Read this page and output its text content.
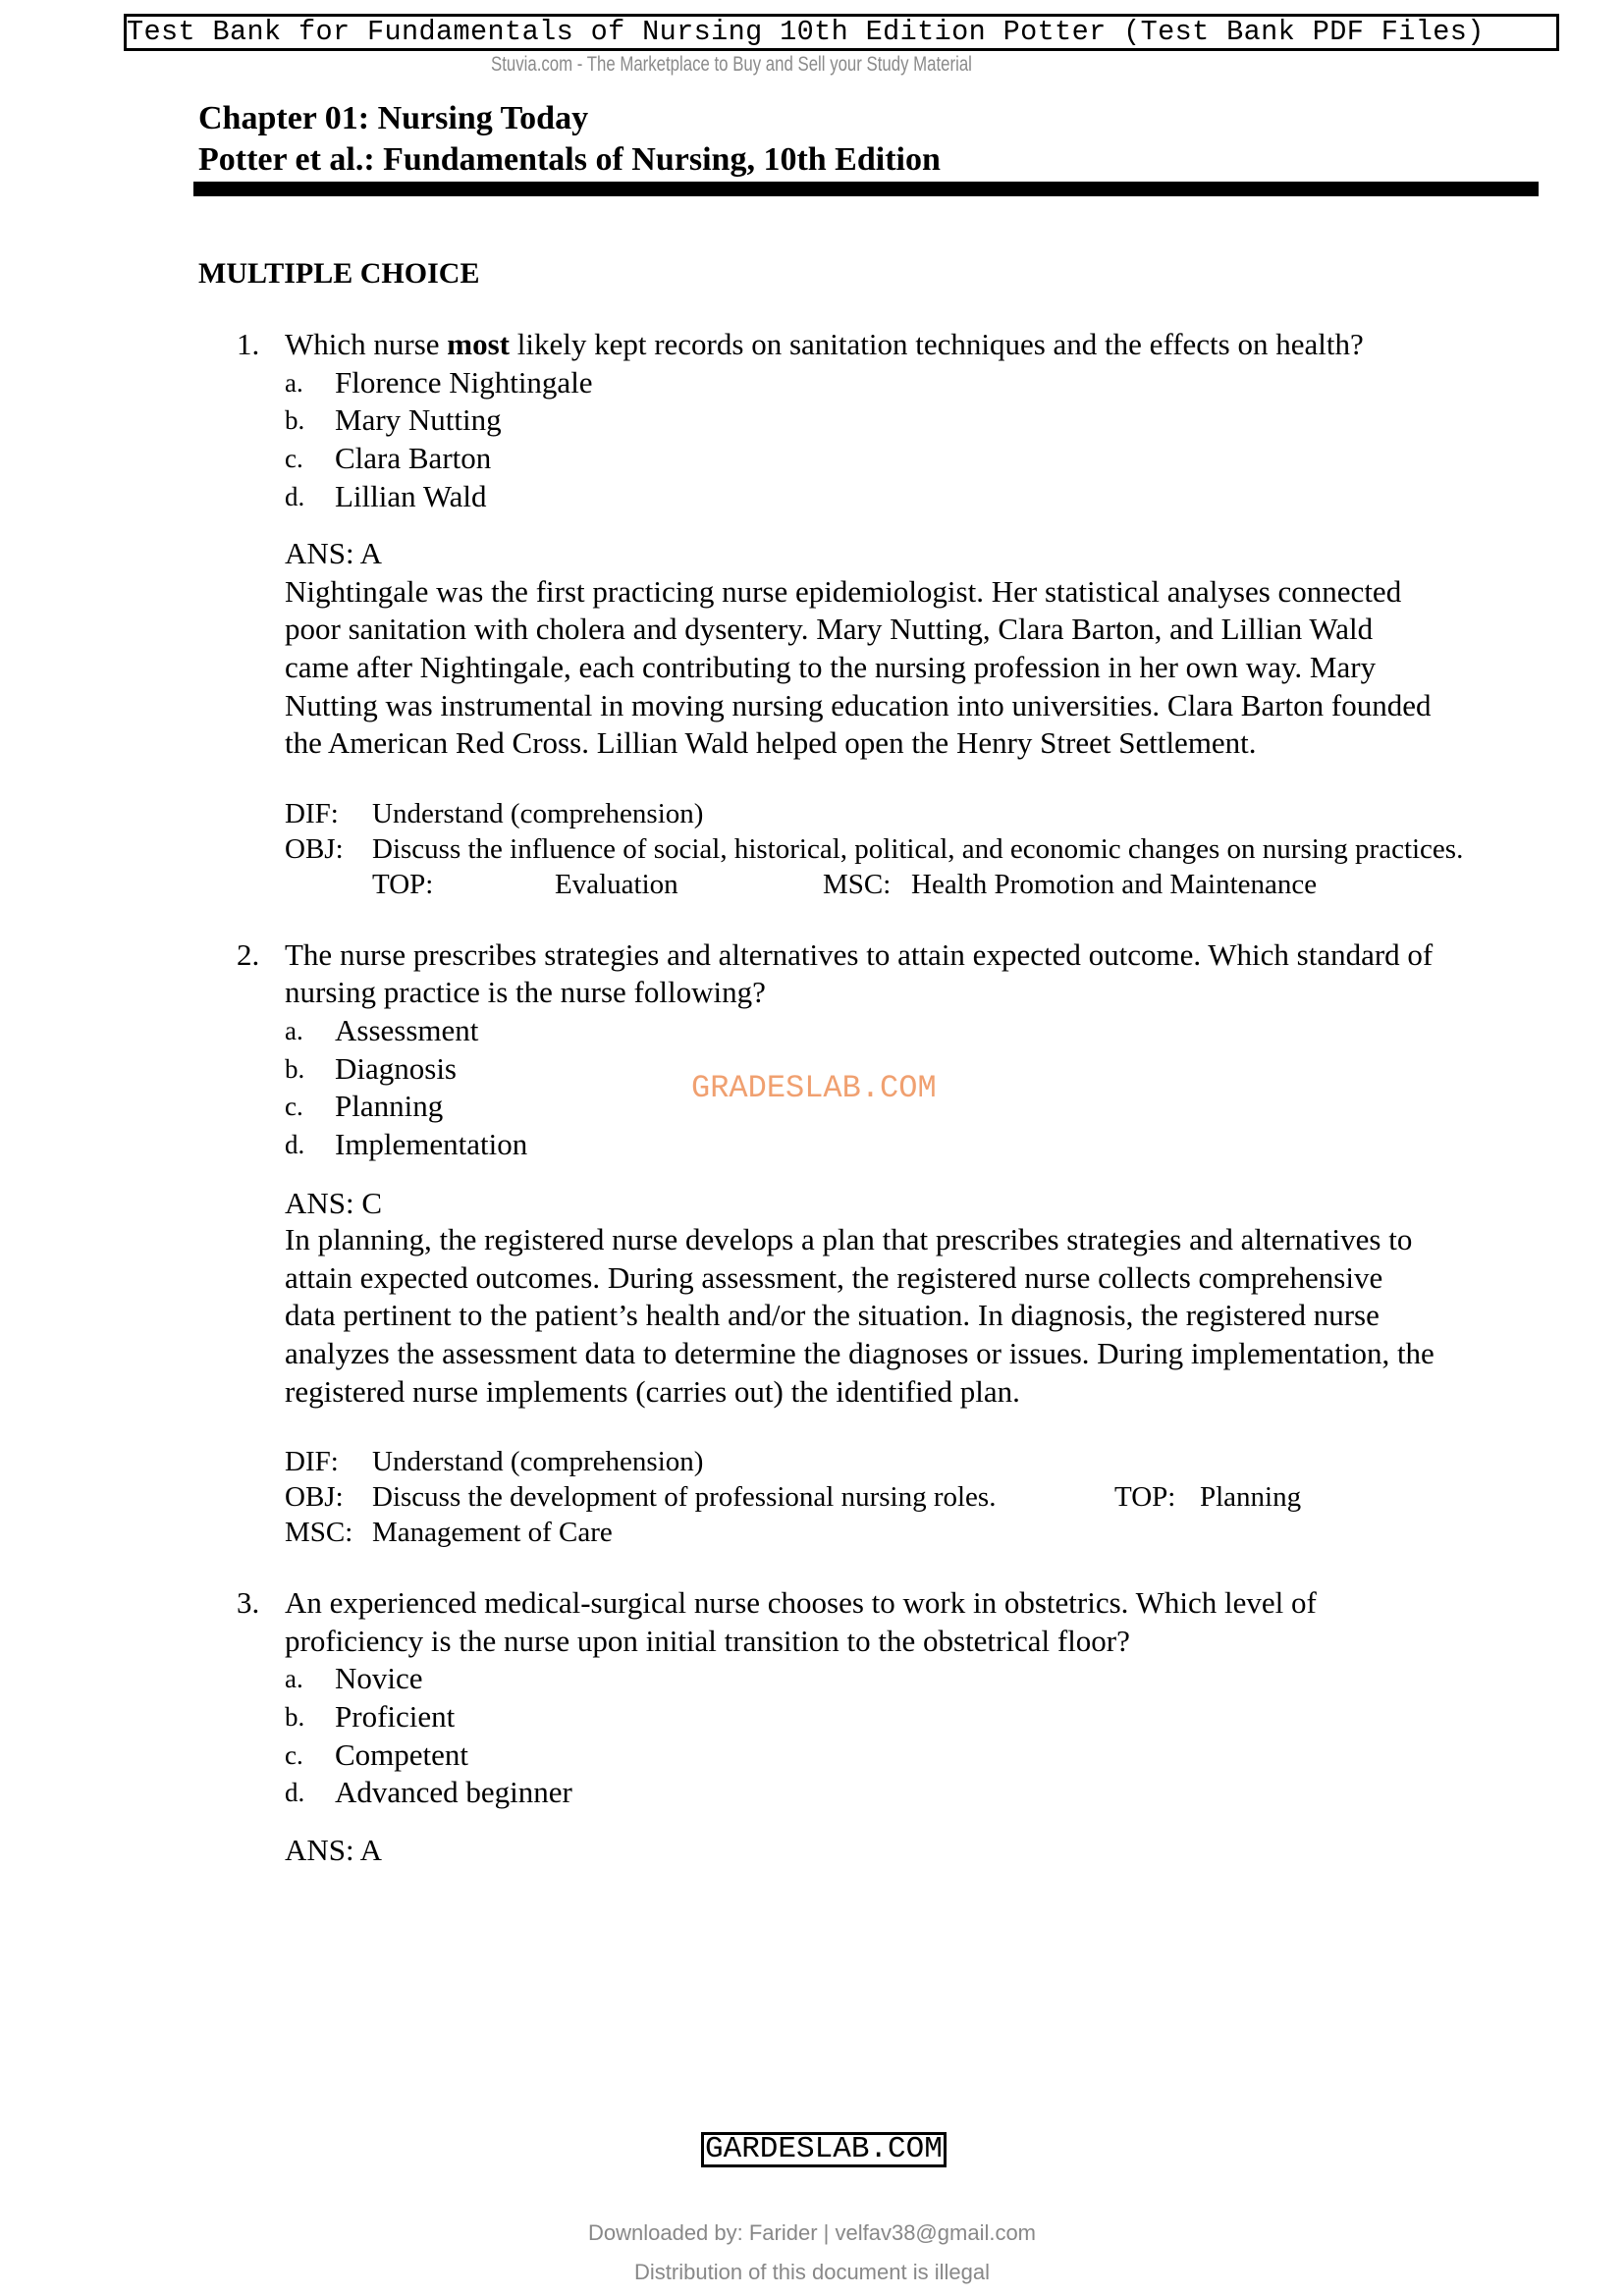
Test Bank for Fundamentals of Nursing 10th Edition Potter (Test Bank PDF Files)
Stuvia.com - The Marketplace to Buy and Sell your Study Material
Chapter 01: Nursing Today
Potter et al.: Fundamentals of Nursing, 10th Edition
MULTIPLE CHOICE
1. Which nurse most likely kept records on sanitation techniques and the effects on health?
a. Florence Nightingale
b. Mary Nutting
c. Clara Barton
d. Lillian Wald
ANS: A
Nightingale was the first practicing nurse epidemiologist. Her statistical analyses connected
poor sanitation with cholera and dysentery. Mary Nutting, Clara Barton, and Lillian Wald
came after Nightingale, each contributing to the nursing profession in her own way. Mary
Nutting was instrumental in moving nursing education into universities. Clara Barton founded
the American Red Cross. Lillian Wald helped open the Henry Street Settlement.
DIF: Understand (comprehension)
OBJ: Discuss the influence of social, historical, political, and economic changes on nursing practices.
TOP:	Evaluation	MSC: Health Promotion and Maintenance
2. The nurse prescribes strategies and alternatives to attain expected outcome. Which standard of
nursing practice is the nurse following?
a. Assessment
b. Diagnosis
c. Planning
d. Implementation
GRADESLAB.COM
ANS: C
In planning, the registered nurse develops a plan that prescribes strategies and alternatives to
attain expected outcomes. During assessment, the registered nurse collects comprehensive
data pertinent to the patient’s health and/or the situation. In diagnosis, the registered nurse
analyzes the assessment data to determine the diagnoses or issues. During implementation, the
registered nurse implements (carries out) the identified plan.
DIF: Understand (comprehension)
OBJ: Discuss the development of professional nursing roles.	TOP: Planning
MSC: Management of Care
3. An experienced medical-surgical nurse chooses to work in obstetrics. Which level of
proficiency is the nurse upon initial transition to the obstetrical floor?
a. Novice
b. Proficient
c. Competent
d. Advanced beginner
ANS: A
GARDESLAB.COM
Downloaded by: Farider | velfav38@gmail.com
Distribution of this document is illegal
